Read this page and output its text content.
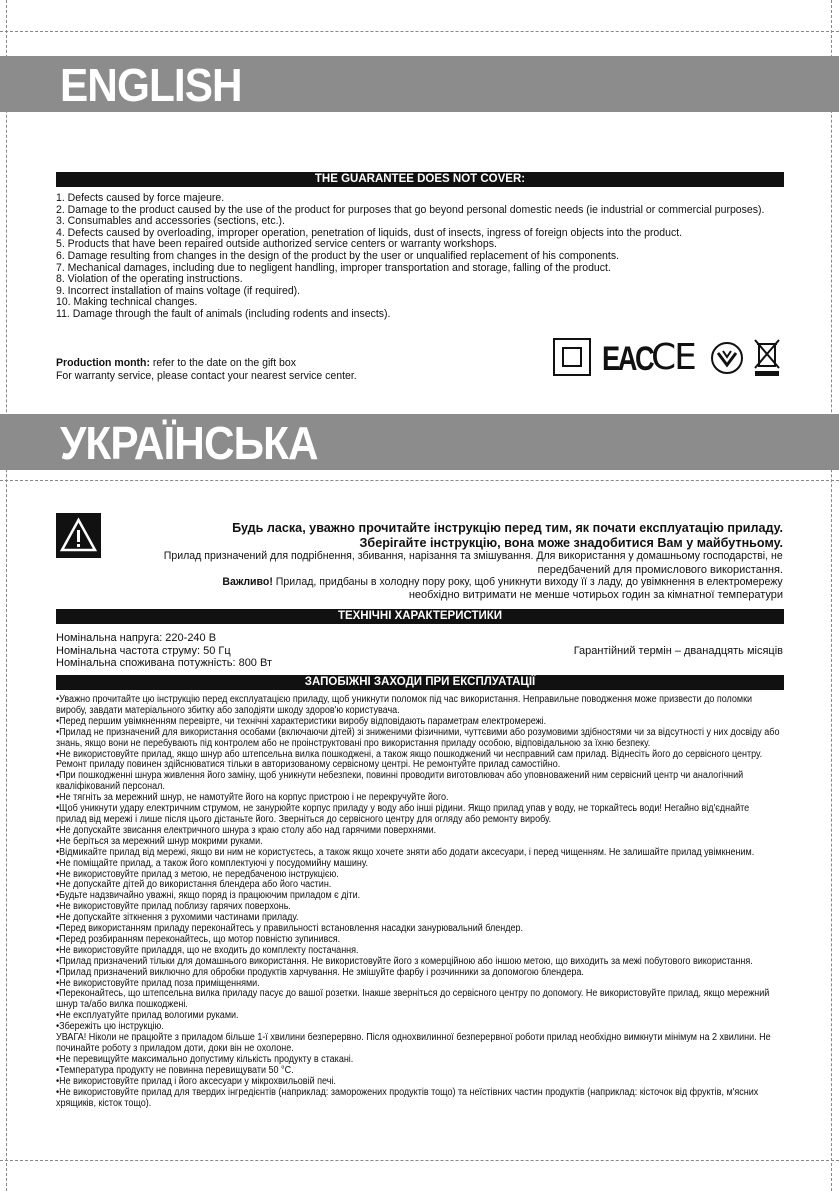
ENGLISH
THE GUARANTEE DOES NOT COVER:
1. Defects caused by force majeure.
2. Damage to the product caused by the use of the product for purposes that go beyond personal domestic needs (ie industrial or commercial purposes).
3. Consumables and accessories (sections, etc.).
4. Defects caused by overloading, improper operation, penetration of liquids, dust of insects, ingress of foreign objects into the product.
5. Products that have been repaired outside authorized service centers or warranty workshops.
6. Damage resulting from changes in the design of the product by the user or unqualified replacement of his components.
7. Mechanical damages, including due to negligent handling, improper transportation and storage, falling of the product.
8. Violation of the operating instructions.
9. Incorrect installation of mains voltage (if required).
10. Making technical changes.
11. Damage through the fault of animals (including rodents and insects).
Production month: refer to the date on the gift box
For warranty service, please contact your nearest service center.	EAC
CE
УКРАЇНСЬКА
Будь ласка, уважно прочитайте інструкцію перед тим, як почати експлуатацію приладу.
Зберігайте інструкцію, вона може знадобитися Вам у майбутньому.
Прилад призначений для подрібнення, збивання, нарізання та змішування. Для використання у домашньому господарстві, не
передбачений для промислового використання.
Важливо! Прилад, придбаны в холодну пору року, щоб уникнути виходу її з ладу, до увімкнення в електромережу
необхідно витримати не менше чотирьох годин за кімнатної температури
ТЕХНІЧНІ ХАРАКТЕРИСТИКИ
Номінальна напруга: 220-240 В
Номінальна частота струму: 50 Гц
Номінальна споживана потужність: 800 Вт
Гарантійний термін – дванадцять місяців
ЗАПОБІЖНІ ЗАХОДИ ПРИ ЕКСПЛУАТАЦІЇ
•Уважно прочитайте цю інструкцію перед експлуатацією приладу, щоб уникнути поломок під час використання. Неправильне поводження може призвести до поломки виробу, завдати матеріального збитку або заподіяти шкоду здоров'ю користувача.
•Перед першим увімкненням перевірте, чи технічні характеристики виробу відповідають параметрам електромережі.
•Прилад не призначений для використання особами (включаючи дітей) зі зниженими фізичними, чуттєвими або розумовими здібностями чи за відсутності у них досвіду або знань, якщо вони не перебувають під контролем або не проінструктовані про використання приладу особою, відповідальною за їхню безпеку.
•Не використовуйте прилад, якщо шнур або штепсельна вилка пошкоджені, а також якщо пошкоджений чи несправний сам прилад. Віднесіть його до сервісного центру. Ремонт приладу повинен здійснюватися тільки в авторизованому сервісному центрі. Не ремонтуйте прилад самостійно.
•При пошкодженні шнура живлення його заміну, щоб уникнути небезпеки, повинні проводити виготовлювач або уповноважений ним сервісний центр чи аналогічний кваліфікований персонал.
•Не тягніть за мережний шнур, не намотуйте його на корпус пристрою і не перекручуйте його.
•Щоб уникнути удару електричним струмом, не занурюйте корпус приладу у воду або інші рідини. Якщо прилад упав у воду, не торкайтесь води! Негайно від'єднайте прилад від мережі і лише після цього дістаньте його. Зверніться до сервісного центру для огляду або ремонту виробу.
•Не допускайте звисання електричного шнура з краю столу або над гарячими поверхнями.
•Не беріться за мережний шнур мокрими руками.
•Відмикайте прилад від мережі, якщо ви ним не користуєтесь, а також якщо хочете зняти або додати аксесуари, і перед чищенням. Не залишайте прилад увімкненим.
•Не поміщайте прилад, а також його комплектуючі у посудомийну машину.
•Не використовуйте прилад з метою, не передбаченою інструкцією.
•Не допускайте дітей до використання блендера або його частин.
•Будьте надзвичайно уважні, якщо поряд із працюючим приладом є діти.
•Не використовуйте прилад поблизу гарячих поверхонь.
•Не допускайте зіткнення з рухомими частинами приладу.
•Перед використанням приладу переконайтесь у правильності встановлення насадки занурювальний блендер.
•Перед розбиранням переконайтесь, що мотор повністю зупинився.
•Не використовуйте приладдя, що не входить до комплекту постачання.
•Прилад призначений тільки для домашнього використання. Не використовуйте його з комерційною або іншою метою, що виходить за межі побутового використання.
•Прилад призначений виключно для обробки продуктів харчування. Не змішуйте фарбу і розчинники за допомогою блендера.
•Не використовуйте прилад поза приміщеннями.
•Переконайтесь, що штепсельна вилка приладу пасує до вашої розетки. Інакше зверніться до сервісного центру по допомогу. Не використовуйте прилад, якщо мережний шнур та/або вилка пошкоджені.
•Не експлуатуйте прилад вологими руками.
•Збережіть цю інструкцію.
УВАГА! Ніколи не працюйте з приладом більше 1-ї хвилини безперервно. Після однохвилинної безперервної роботи прилад необхідно вимкнути мінімум на 2 хвилини. Не починайте роботу з приладом доти, доки він не охолоне.
•Не перевищуйте максимально допустиму кількість продукту в стакані.
•Температура продукту не повинна перевищувати 50 °С.
•Не використовуйте прилад і його аксесуари у мікрохвильовій печі.
•Не використовуйте прилад для твердих інгредієнтів (наприклад: заморожених продуктів тощо) та нeїстівних частин продуктів (наприклад: кісточок від фруктів, м'ясних хрящиків, кісток тощо).
